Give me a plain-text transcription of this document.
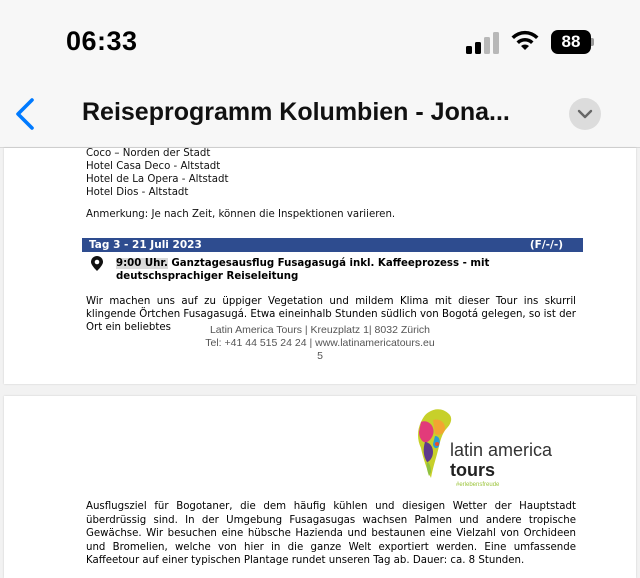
06:33	88
Reiseprogramm Kolumbien - Jona...
Coco – Norden der Stadt
Hotel Casa Deco - Altstadt
Hotel de La Opera - Altstadt
Hotel Dios - Altstadt
Anmerkung: Je nach Zeit, können die Inspektionen variieren.
Tag 3 - 21 Juli 2023	(F/-/-)
9:00 Uhr. Ganztagesausflug Fusagasugá inkl. Kaffeeprozess - mit deutschsprachiger Reiseleitung
Wir machen uns auf zu üppiger Vegetation und mildem Klima mit dieser Tour ins skurril klingende Örtchen Fusagasugá. Etwa eineinhalb Stunden südlich von Bogotá gelegen, so ist der Ort ein beliebtes	Latin America Tours | Kreuzplatz 1| 8032 Zürich
Tel: +41 44 515 24 24 | www.latinamericatours.eu
5
latin america
tours
#erlebensfreude
Ausflugsziel für Bogotaner, die dem häufig kühlen und diesigen Wetter der Hauptstadt überdrüssig sind. In der Umgebung Fusagasugas wachsen Palmen und andere tropische Gewächse. Wir besuchen eine hübsche Hazienda und bestaunen eine Vielzahl von Orchideen und Bromelien, welche von hier in die ganze Welt exportiert werden. Eine umfassende Kaffeetour auf einer typischen Plantage rundet unseren Tag ab. Dauer: ca. 8 Stunden.
